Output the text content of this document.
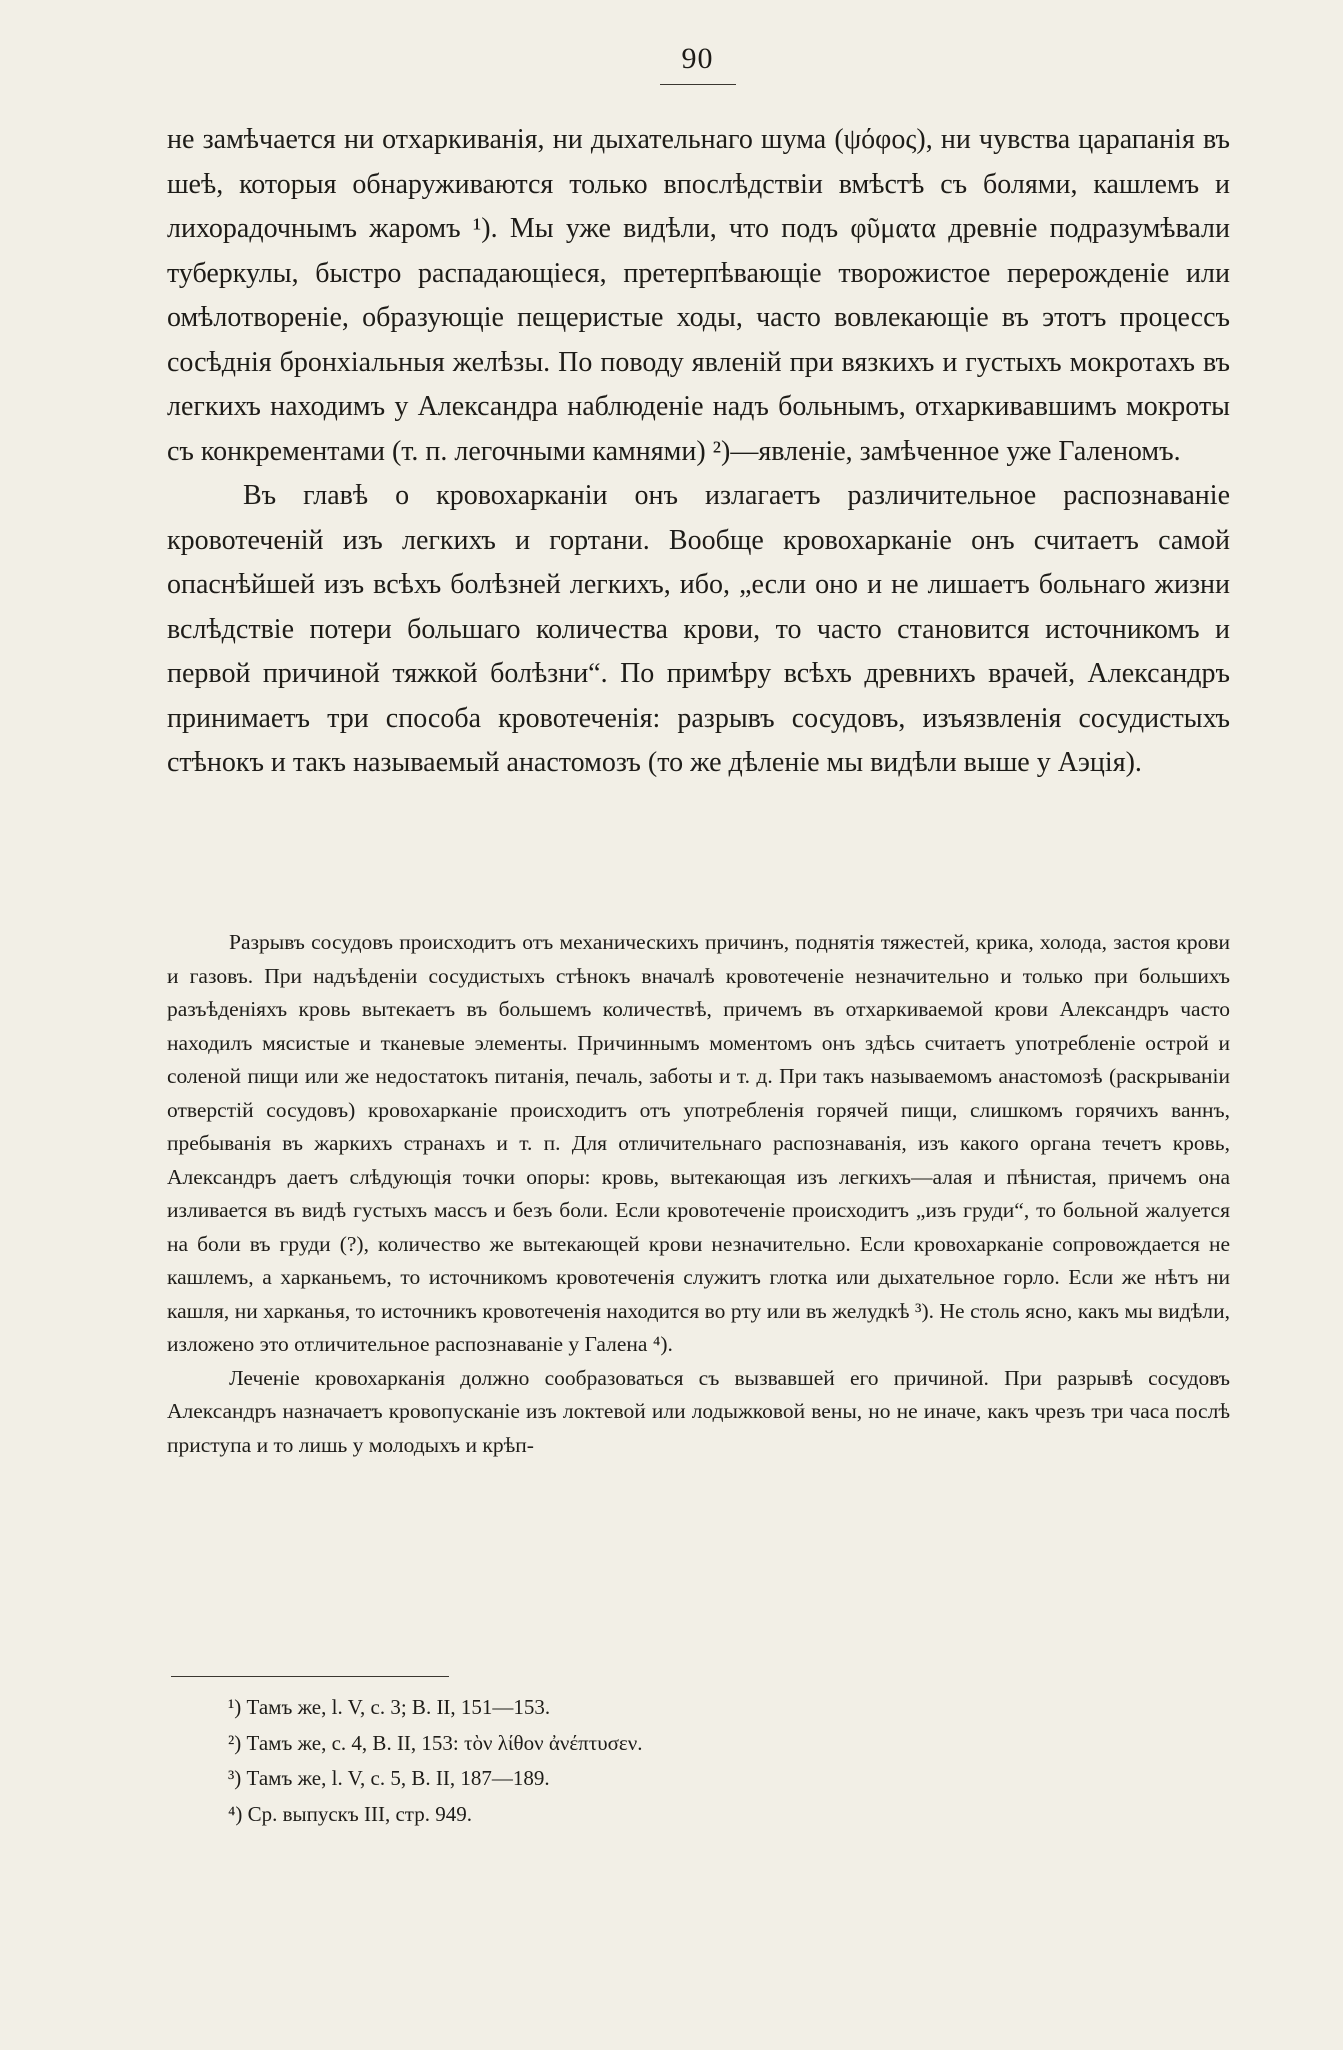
90

не замѣчается ни отхаркиванія, ни дыхательнаго шума (ψόφος), ни чувства царапанія въ шеѣ, которыя обнаруживаются только впослѣдствіи вмѣстѣ съ болями, кашлемъ и лихорадочнымъ жаромъ ¹). Мы уже видѣли, что подъ φῦματα древніе подразумѣвали туберкулы, быстро распадающіеся, претерпѣвающіе творожистое перерожденіе или омѣлотвореніе, образующіе пещеристые ходы, часто вовлекающіе въ этотъ процессъ сосѣднія бронхіальныя желѣзы. По поводу явленій при вязкихъ и густыхъ мокротахъ въ легкихъ находимъ у Александра наблюденіе надъ больнымъ, отхаркивавшимъ мокроты съ конкрементами (т. п. легочными камнями) ²)—явленіе, замѣченное уже Галеномъ.

Въ главѣ о кровохарканіи онъ излагаетъ различительное распознаваніе кровотеченій изъ легкихъ и гортани. Вообще кровохарканіе онъ считаетъ самой опаснѣйшей изъ всѣхъ болѣзней легкихъ, ибо, „если оно и не лишаетъ больнаго жизни вслѣдствіе потери большаго количества крови, то часто становится источникомъ и первой причиной тяжкой болѣзни“. По примѣру всѣхъ древнихъ врачей, Александръ принимаетъ три способа кровотеченія: разрывъ сосудовъ, изъязвленія сосудистыхъ стѣнокъ и такъ называемый анастомозъ (то же дѣленіе мы видѣли выше у Аэція).

Разрывъ сосудовъ происходитъ отъ механическихъ причинъ, поднятія тяжестей, крика, холода, застоя крови и газовъ. При надъѣденіи сосудистыхъ стѣнокъ вначалѣ кровотеченіе незначительно и только при большихъ разъѣденіяхъ кровь вытекаетъ въ большемъ количествѣ, причемъ въ отхаркиваемой крови Александръ часто находилъ мясистые и тканевые элементы. Причиннымъ моментомъ онъ здѣсь считаетъ употребленіе острой и соленой пищи или же недостатокъ питанія, печаль, заботы и т. д. При такъ называемомъ анастомозѣ (раскрываніи отверстій сосудовъ) кровохарканіе происходитъ отъ употребленія горячей пищи, слишкомъ горячихъ ваннъ, пребыванія въ жаркихъ странахъ и т. п. Для отличительнаго распознаванія, изъ какого органа течетъ кровь, Александръ даетъ слѣдующія точки опоры: кровь, вытекающая изъ легкихъ—алая и пѣнистая, причемъ она изливается въ видѣ густыхъ массъ и безъ боли. Если кровотеченіе происходитъ „изъ груди“, то больной жалуется на боли въ груди (?), количество же вытекающей крови незначительно. Если кровохарканіе сопровождается не кашлемъ, а харканьемъ, то источникомъ кровотеченія служитъ глотка или дыхательное горло. Если же нѣтъ ни кашля, ни харканья, то источникъ кровотеченія находится во рту или въ желудкѣ ³). Не столь ясно, какъ мы видѣли, изложено это отличительное распознаваніе у Галена ⁴).

Леченіе кровохарканія должно сообразоваться съ вызвавшей его причиной. При разрывѣ сосудовъ Александръ назначаетъ кровопусканіе изъ локтевой или лодыжковой вены, но не иначе, какъ чрезъ три часа послѣ приступа и то лишь у молодыхъ и крѣп-

¹) Тамъ же, l. V, c. 3; B. II, 151—153.

²) Тамъ же, c. 4, B. II, 153: τὸν λίθον ἀνέπτυσεν.

³) Тамъ же, l. V, c. 5, B. II, 187—189.

⁴) Ср. выпускъ III, стр. 949.
